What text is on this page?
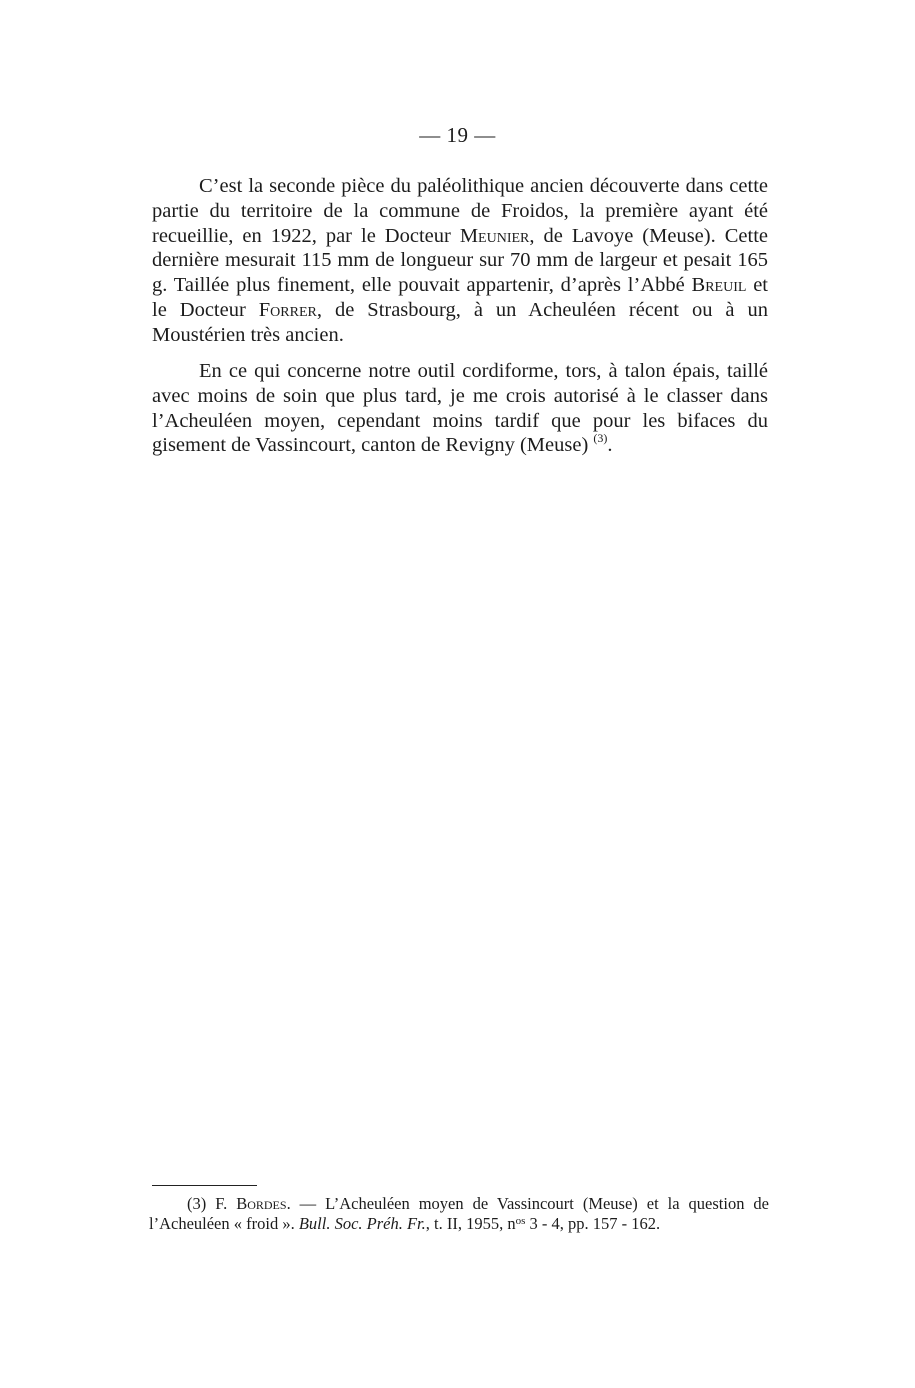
— 19 —

C’est la seconde pièce du paléolithique ancien découverte dans cette partie du territoire de la commune de Froidos, la première ayant été recueillie, en 1922, par le Docteur Meunier, de Lavoye (Meuse). Cette dernière mesurait 115 mm de longueur sur 70 mm de largeur et pesait 165 g. Taillée plus finement, elle pouvait appartenir, d’après l’Abbé Breuil et le Docteur Forrer, de Strasbourg, à un Acheuléen récent ou à un Moustérien très ancien.

En ce qui concerne notre outil cordiforme, tors, à talon épais, taillé avec moins de soin que plus tard, je me crois autorisé à le classer dans l’Acheuléen moyen, cependant moins tardif que pour les bifaces du gisement de Vassincourt, canton de Revigny (Meuse) $^{(3)}$.

(3) F. Bordes. — L’Acheuléen moyen de Vassincourt (Meuse) et la question de l’Acheuléen « froid ». Bull. Soc. Préh. Fr., t. II, 1955, n$^{os}$ 3 - 4, pp. 157 - 162.
